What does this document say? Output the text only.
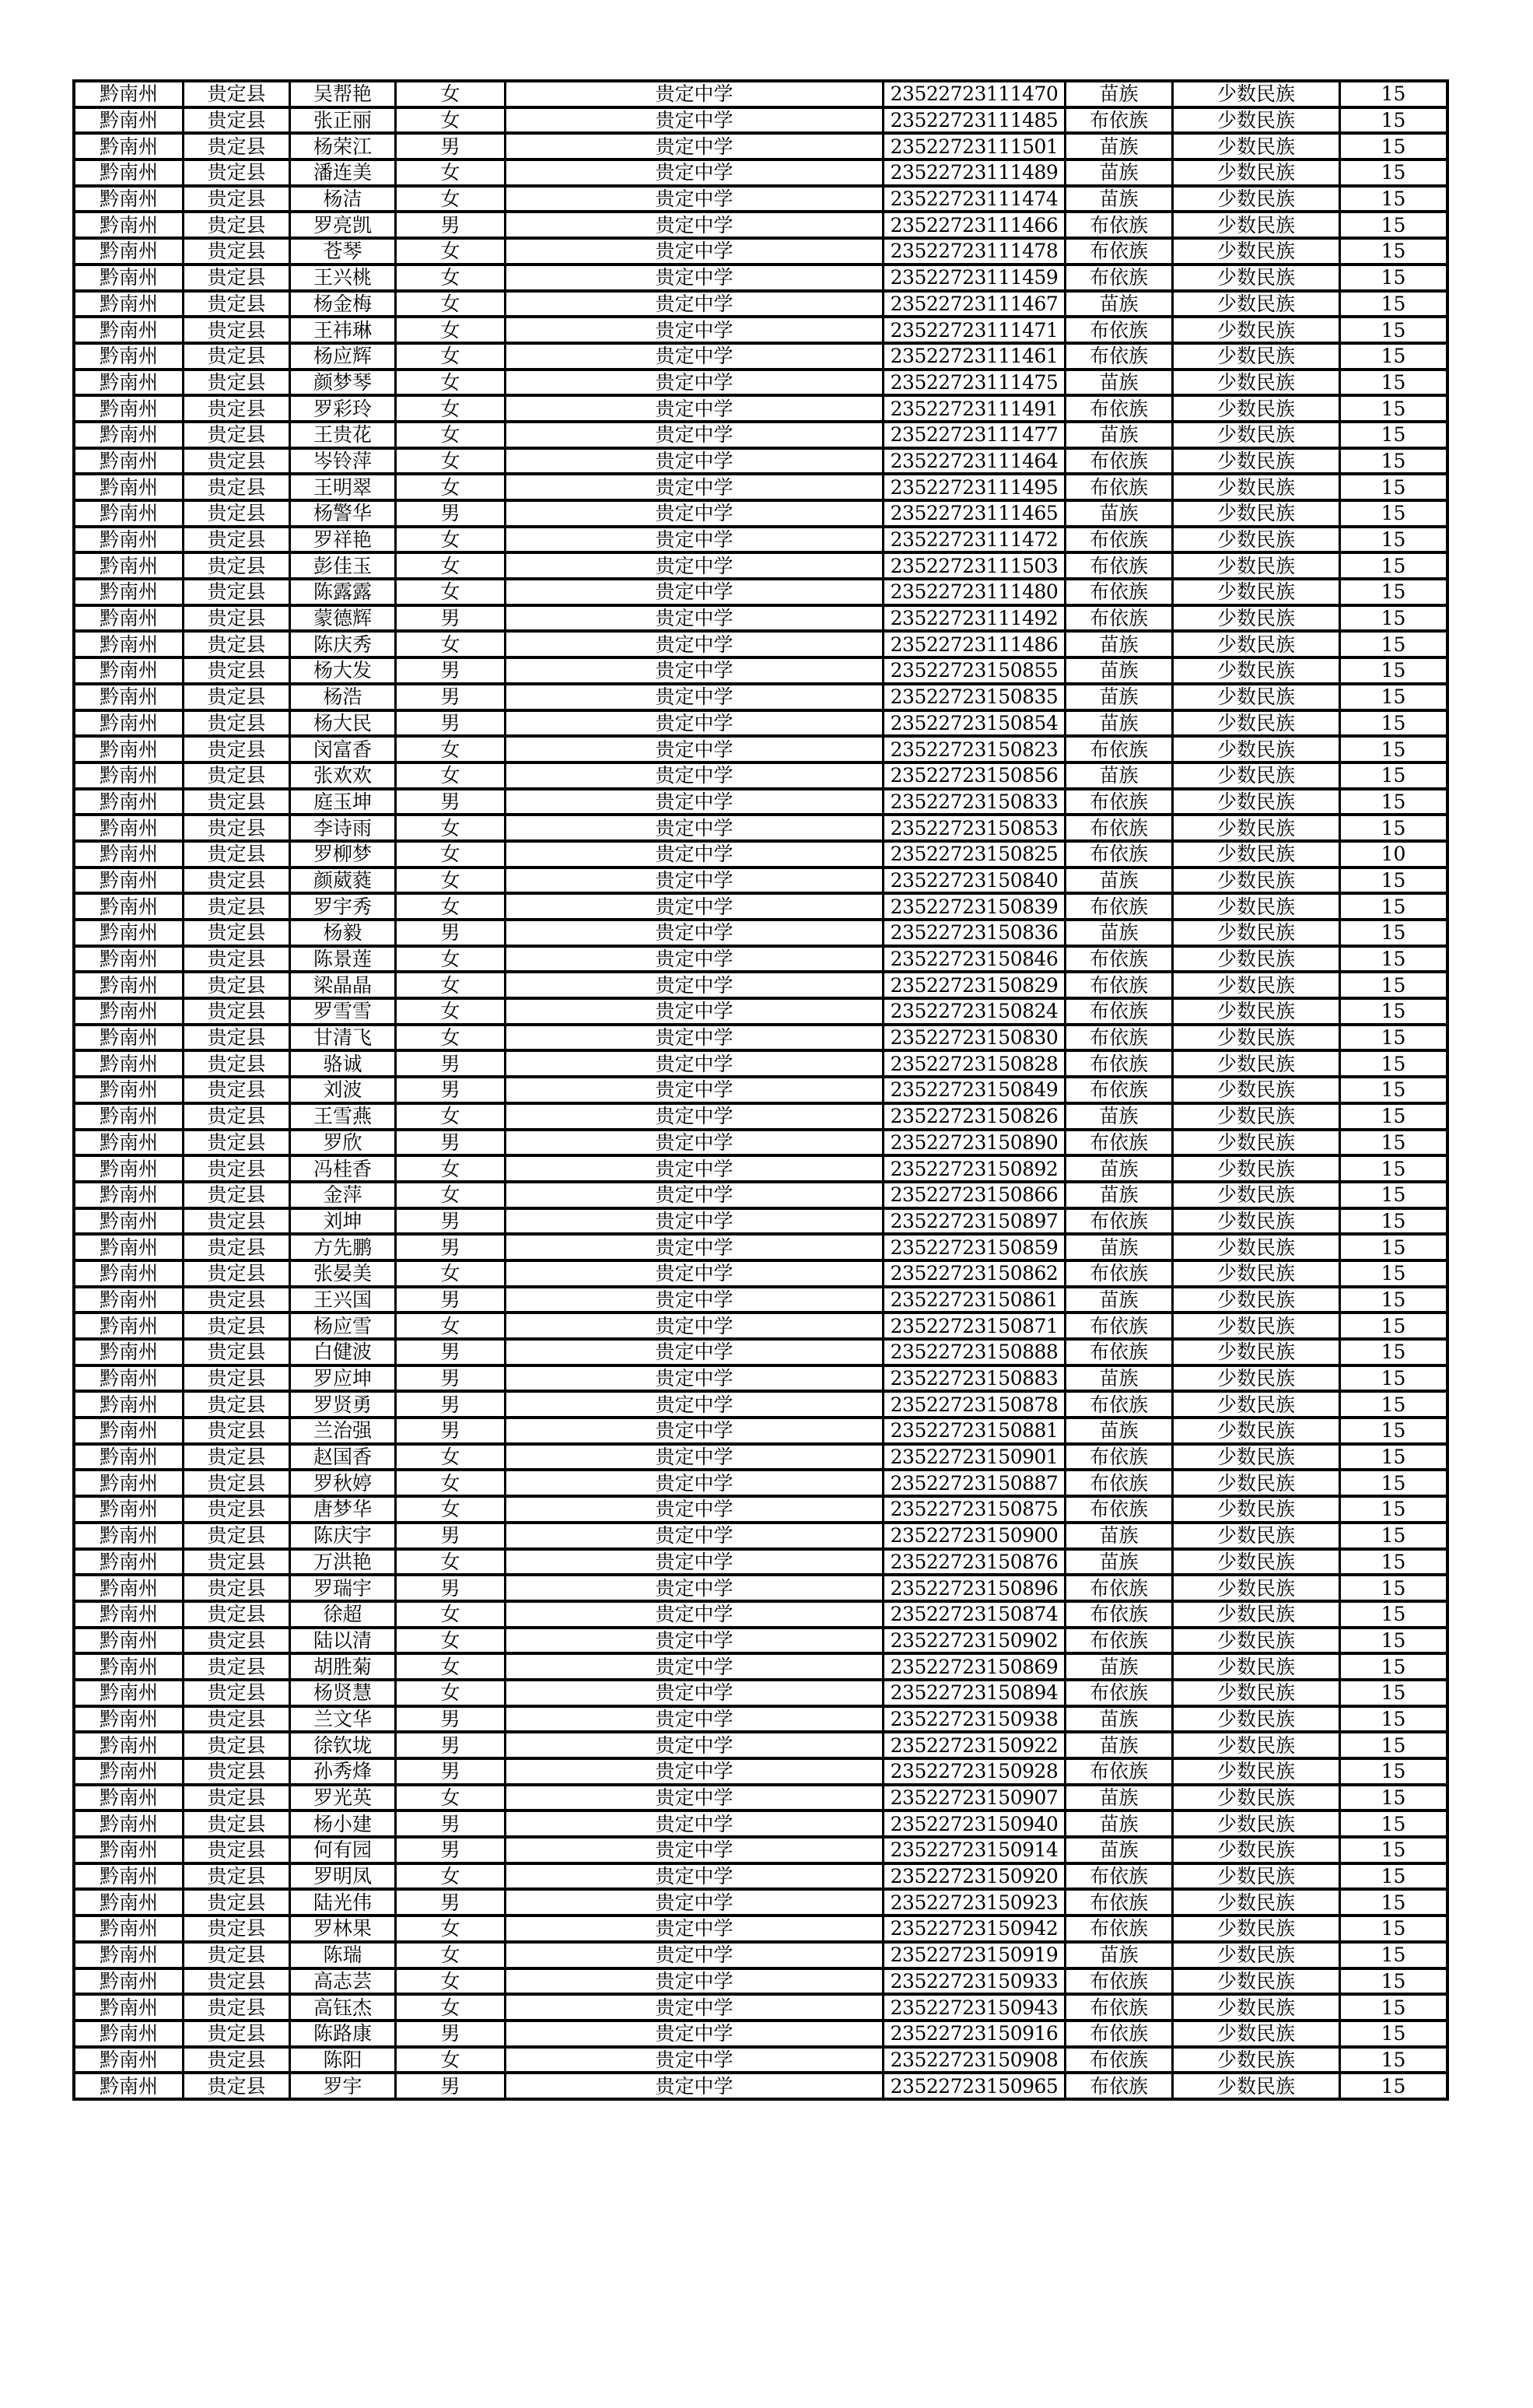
黔南州	贵定县	吴帮艳	女	贵定中学	23522723111470	苗族	少数民族	15
黔南州	贵定县	张正丽	女	贵定中学	23522723111485	布依族	少数民族	15
黔南州	贵定县	杨荣江	男	贵定中学	23522723111501	苗族	少数民族	15
黔南州	贵定县	潘连美	女	贵定中学	23522723111489	苗族	少数民族	15
黔南州	贵定县	杨洁	女	贵定中学	23522723111474	苗族	少数民族	15
黔南州	贵定县	罗亮凯	男	贵定中学	23522723111466	布依族	少数民族	15
黔南州	贵定县	苍琴	女	贵定中学	23522723111478	布依族	少数民族	15
黔南州	贵定县	王兴桃	女	贵定中学	23522723111459	布依族	少数民族	15
黔南州	贵定县	杨金梅	女	贵定中学	23522723111467	苗族	少数民族	15
黔南州	贵定县	王祎琳	女	贵定中学	23522723111471	布依族	少数民族	15
黔南州	贵定县	杨应辉	女	贵定中学	23522723111461	布依族	少数民族	15
黔南州	贵定县	颜梦琴	女	贵定中学	23522723111475	苗族	少数民族	15
黔南州	贵定县	罗彩玲	女	贵定中学	23522723111491	布依族	少数民族	15
黔南州	贵定县	王贵花	女	贵定中学	23522723111477	苗族	少数民族	15
黔南州	贵定县	岑铃萍	女	贵定中学	23522723111464	布依族	少数民族	15
黔南州	贵定县	王明翠	女	贵定中学	23522723111495	布依族	少数民族	15
黔南州	贵定县	杨警华	男	贵定中学	23522723111465	苗族	少数民族	15
黔南州	贵定县	罗祥艳	女	贵定中学	23522723111472	布依族	少数民族	15
黔南州	贵定县	彭佳玉	女	贵定中学	23522723111503	布依族	少数民族	15
黔南州	贵定县	陈露露	女	贵定中学	23522723111480	布依族	少数民族	15
黔南州	贵定县	蒙德辉	男	贵定中学	23522723111492	布依族	少数民族	15
黔南州	贵定县	陈庆秀	女	贵定中学	23522723111486	苗族	少数民族	15
黔南州	贵定县	杨大发	男	贵定中学	23522723150855	苗族	少数民族	15
黔南州	贵定县	杨浩	男	贵定中学	23522723150835	苗族	少数民族	15
黔南州	贵定县	杨大民	男	贵定中学	23522723150854	苗族	少数民族	15
黔南州	贵定县	闵富香	女	贵定中学	23522723150823	布依族	少数民族	15
黔南州	贵定县	张欢欢	女	贵定中学	23522723150856	苗族	少数民族	15
黔南州	贵定县	庭玉坤	男	贵定中学	23522723150833	布依族	少数民族	15
黔南州	贵定县	李诗雨	女	贵定中学	23522723150853	布依族	少数民族	15
黔南州	贵定县	罗柳梦	女	贵定中学	23522723150825	布依族	少数民族	10
黔南州	贵定县	颜葳蕤	女	贵定中学	23522723150840	苗族	少数民族	15
黔南州	贵定县	罗宇秀	女	贵定中学	23522723150839	布依族	少数民族	15
黔南州	贵定县	杨毅	男	贵定中学	23522723150836	苗族	少数民族	15
黔南州	贵定县	陈景莲	女	贵定中学	23522723150846	布依族	少数民族	15
黔南州	贵定县	梁晶晶	女	贵定中学	23522723150829	布依族	少数民族	15
黔南州	贵定县	罗雪雪	女	贵定中学	23522723150824	布依族	少数民族	15
黔南州	贵定县	甘清飞	女	贵定中学	23522723150830	布依族	少数民族	15
黔南州	贵定县	骆诚	男	贵定中学	23522723150828	布依族	少数民族	15
黔南州	贵定县	刘波	男	贵定中学	23522723150849	布依族	少数民族	15
黔南州	贵定县	王雪燕	女	贵定中学	23522723150826	苗族	少数民族	15
黔南州	贵定县	罗欣	男	贵定中学	23522723150890	布依族	少数民族	15
黔南州	贵定县	冯桂香	女	贵定中学	23522723150892	苗族	少数民族	15
黔南州	贵定县	金萍	女	贵定中学	23522723150866	苗族	少数民族	15
黔南州	贵定县	刘坤	男	贵定中学	23522723150897	布依族	少数民族	15
黔南州	贵定县	方先鹏	男	贵定中学	23522723150859	苗族	少数民族	15
黔南州	贵定县	张晏美	女	贵定中学	23522723150862	布依族	少数民族	15
黔南州	贵定县	王兴国	男	贵定中学	23522723150861	苗族	少数民族	15
黔南州	贵定县	杨应雪	女	贵定中学	23522723150871	布依族	少数民族	15
黔南州	贵定县	白健波	男	贵定中学	23522723150888	布依族	少数民族	15
黔南州	贵定县	罗应坤	男	贵定中学	23522723150883	苗族	少数民族	15
黔南州	贵定县	罗贤勇	男	贵定中学	23522723150878	布依族	少数民族	15
黔南州	贵定县	兰治强	男	贵定中学	23522723150881	苗族	少数民族	15
黔南州	贵定县	赵国香	女	贵定中学	23522723150901	布依族	少数民族	15
黔南州	贵定县	罗秋婷	女	贵定中学	23522723150887	布依族	少数民族	15
黔南州	贵定县	唐梦华	女	贵定中学	23522723150875	布依族	少数民族	15
黔南州	贵定县	陈庆宇	男	贵定中学	23522723150900	苗族	少数民族	15
黔南州	贵定县	万洪艳	女	贵定中学	23522723150876	苗族	少数民族	15
黔南州	贵定县	罗瑞宇	男	贵定中学	23522723150896	布依族	少数民族	15
黔南州	贵定县	徐超	女	贵定中学	23522723150874	布依族	少数民族	15
黔南州	贵定县	陆以清	女	贵定中学	23522723150902	布依族	少数民族	15
黔南州	贵定县	胡胜菊	女	贵定中学	23522723150869	苗族	少数民族	15
黔南州	贵定县	杨贤慧	女	贵定中学	23522723150894	布依族	少数民族	15
黔南州	贵定县	兰文华	男	贵定中学	23522723150938	苗族	少数民族	15
黔南州	贵定县	徐钦垅	男	贵定中学	23522723150922	苗族	少数民族	15
黔南州	贵定县	孙秀烽	男	贵定中学	23522723150928	布依族	少数民族	15
黔南州	贵定县	罗光英	女	贵定中学	23522723150907	苗族	少数民族	15
黔南州	贵定县	杨小建	男	贵定中学	23522723150940	苗族	少数民族	15
黔南州	贵定县	何有园	男	贵定中学	23522723150914	苗族	少数民族	15
黔南州	贵定县	罗明凤	女	贵定中学	23522723150920	布依族	少数民族	15
黔南州	贵定县	陆光伟	男	贵定中学	23522723150923	布依族	少数民族	15
黔南州	贵定县	罗林果	女	贵定中学	23522723150942	布依族	少数民族	15
黔南州	贵定县	陈瑞	女	贵定中学	23522723150919	苗族	少数民族	15
黔南州	贵定县	高志芸	女	贵定中学	23522723150933	布依族	少数民族	15
黔南州	贵定县	高钰杰	女	贵定中学	23522723150943	布依族	少数民族	15
黔南州	贵定县	陈路康	男	贵定中学	23522723150916	布依族	少数民族	15
黔南州	贵定县	陈阳	女	贵定中学	23522723150908	布依族	少数民族	15
黔南州	贵定县	罗宇	男	贵定中学	23522723150965	布依族	少数民族	15
